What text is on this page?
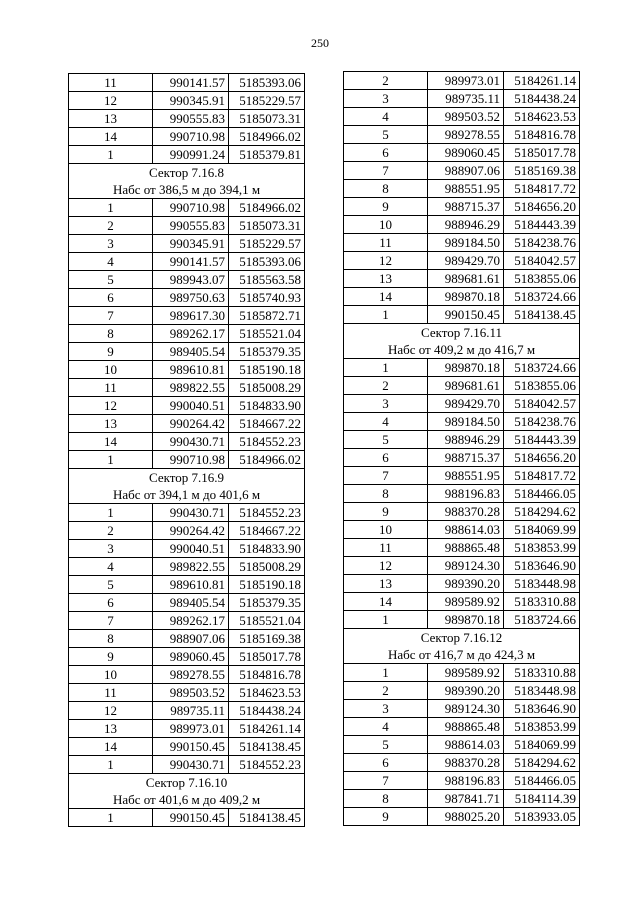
250
11	990141.57	5185393.06
12	990345.91	5185229.57
13	990555.83	5185073.31
14	990710.98	5184966.02
1	990991.24	5185379.81
Сектор 7.16.8		
Набс от 386,5 м до 394,1 м		
1	990710.98	5184966.02
2	990555.83	5185073.31
3	990345.91	5185229.57
4	990141.57	5185393.06
5	989943.07	5185563.58
6	989750.63	5185740.93
7	989617.30	5185872.71
8	989262.17	5185521.04
9	989405.54	5185379.35
10	989610.81	5185190.18
11	989822.55	5185008.29
12	990040.51	5184833.90
13	990264.42	5184667.22
14	990430.71	5184552.23
1	990710.98	5184966.02
Сектор 7.16.9		
Набс от 394,1 м до 401,6 м		
1	990430.71	5184552.23
2	990264.42	5184667.22
3	990040.51	5184833.90
4	989822.55	5185008.29
5	989610.81	5185190.18
6	989405.54	5185379.35
7	989262.17	5185521.04
8	988907.06	5185169.38
9	989060.45	5185017.78
10	989278.55	5184816.78
11	989503.52	5184623.53
12	989735.11	5184438.24
13	989973.01	5184261.14
14	990150.45	5184138.45
1	990430.71	5184552.23
Сектор 7.16.10		
Набс от 401,6 м до 409,2 м		
1	990150.45	5184138.45
2	989973.01	5184261.14
3	989735.11	5184438.24
4	989503.52	5184623.53
5	989278.55	5184816.78
6	989060.45	5185017.78
7	988907.06	5185169.38
8	988551.95	5184817.72
9	988715.37	5184656.20
10	988946.29	5184443.39
11	989184.50	5184238.76
12	989429.70	5184042.57
13	989681.61	5183855.06
14	989870.18	5183724.66
1	990150.45	5184138.45
Сектор 7.16.11		
Набс от 409,2 м до 416,7 м		
1	989870.18	5183724.66
2	989681.61	5183855.06
3	989429.70	5184042.57
4	989184.50	5184238.76
5	988946.29	5184443.39
6	988715.37	5184656.20
7	988551.95	5184817.72
8	988196.83	5184466.05
9	988370.28	5184294.62
10	988614.03	5184069.99
11	988865.48	5183853.99
12	989124.30	5183646.90
13	989390.20	5183448.98
14	989589.92	5183310.88
1	989870.18	5183724.66
Сектор 7.16.12		
Набс от 416,7 м до 424,3 м		
1	989589.92	5183310.88
2	989390.20	5183448.98
3	989124.30	5183646.90
4	988865.48	5183853.99
5	988614.03	5184069.99
6	988370.28	5184294.62
7	988196.83	5184466.05
8	987841.71	5184114.39
9	988025.20	5183933.05
